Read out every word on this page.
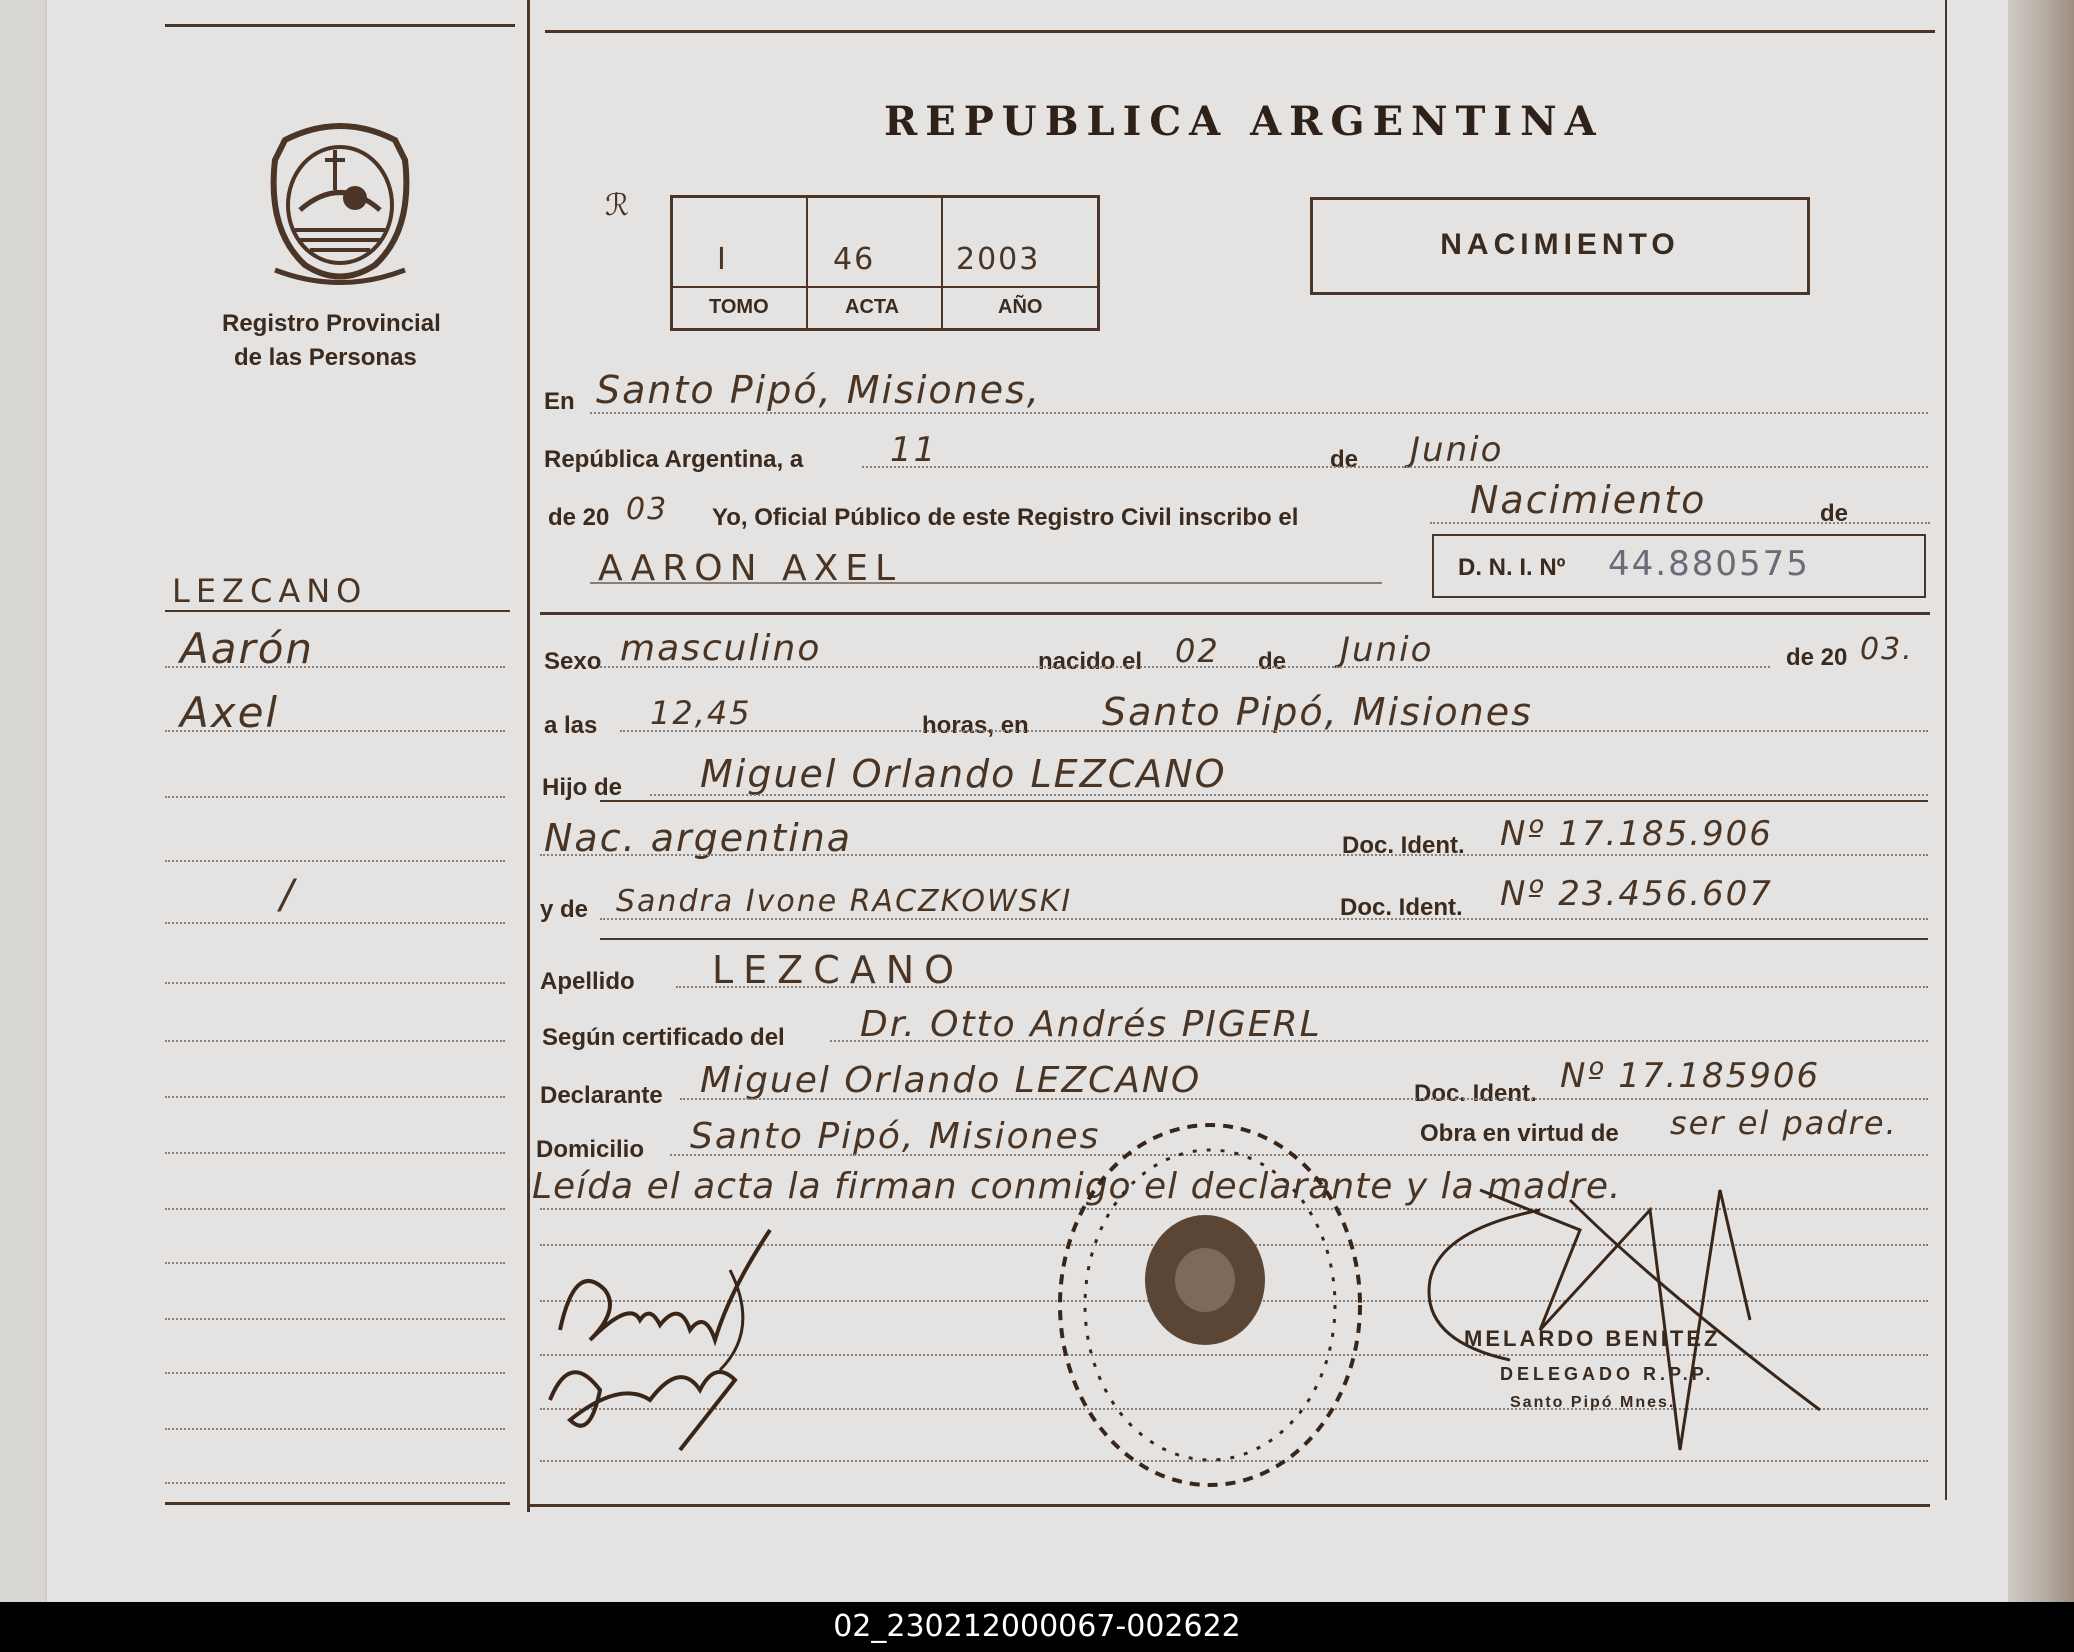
Registro Provincial
de las Personas
LEZCANO
Aarón
Axel
/
REPUBLICA ARGENTINA
ℛ
I	46	2003
TOMO	ACTA	AÑO
NACIMIENTO
En Santo Pipó, Misiones,
República Argentina, a	11	de Junio
de 20 03 Yo, Oficial Público de este Registro Civil inscribo el	Nacimiento	de
AARON AXEL	D. N. I. Nº 44.880575
Sexo masculino	nacido el 02 de Junio	de 20 03.
a las 12,45	horas, en Santo Pipó, Misiones
Hijo de Miguel Orlando LEZCANO
Nac. argentina	Doc. Ident. Nº 17.185.906
y de Sandra Ivone RACZKOWSKI	Doc. Ident. Nº 23.456.607
Apellido LEZCANO
Según certificado del Dr. Otto Andrés PIGERL
Declarante Miguel Orlando LEZCANO	Doc. Ident. Nº 17.185906
Domicilio Santo Pipó, Misiones	Obra en virtud de ser el padre.
Leída el acta la firman conmigo el declarante y la madre.
MELARDO BENITEZ
DELEGADO R.P.P.
Santo Pipó Mnes.
02_230212000067-002622
